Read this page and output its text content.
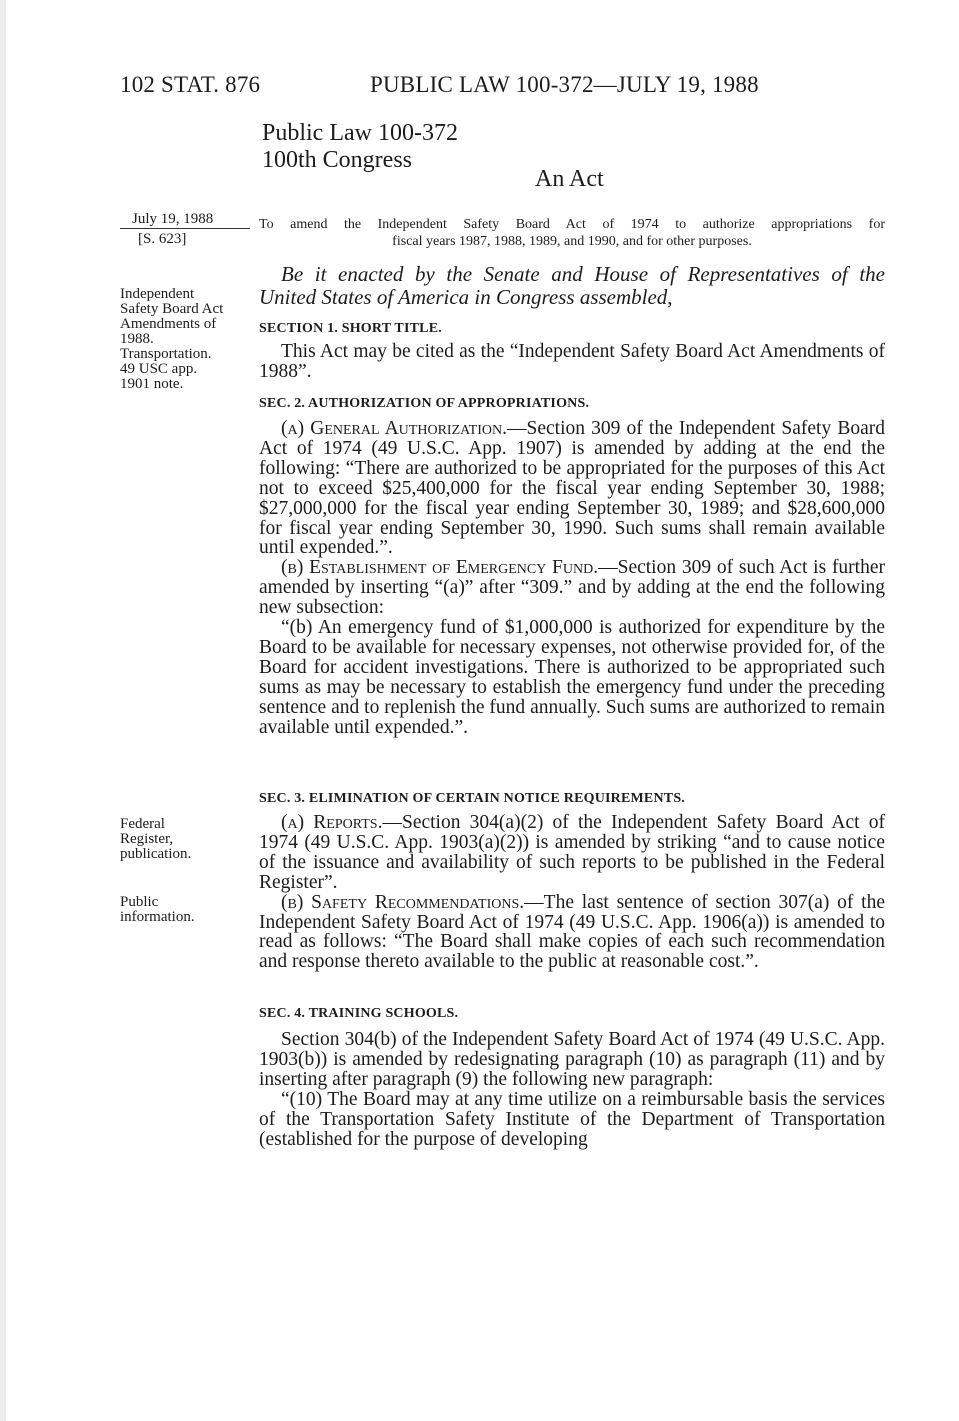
102 STAT. 876	PUBLIC LAW 100-372—JULY 19, 1988
Public Law 100-372
100th Congress
An Act
July 19, 1988
[S. 623]
Independent
Safety Board Act
Amendments of
1988.
Transportation.
49 USC app.
1901 note.
Federal
Register,
publication.
Public
information.
To amend the Independent Safety Board Act of 1974 to authorize appropriations for
fiscal years 1987, 1988, 1989, and 1990, and for other purposes.
Be it enacted by the Senate and House of Representatives of the
United States of America in Congress assembled,
SECTION 1. SHORT TITLE.

This Act may be cited as the “Independent Safety Board Act Amendments of 1988”.

SEC. 2. AUTHORIZATION OF APPROPRIATIONS.

(a) General Authorization.—Section 309 of the Independent Safety Board Act of 1974 (49 U.S.C. App. 1907) is amended by adding at the end the following: “There are authorized to be appropriated for the purposes of this Act not to exceed $25,400,000 for the fiscal year ending September 30, 1988; $27,000,000 for the fiscal year ending September 30, 1989; and $28,600,000 for fiscal year ending September 30, 1990. Such sums shall remain available until expended.”.

(b) Establishment of Emergency Fund.—Section 309 of such Act is further amended by inserting “(a)” after “309.” and by adding at the end the following new subsection:

“(b) An emergency fund of $1,000,000 is authorized for expenditure by the Board to be available for necessary expenses, not otherwise provided for, of the Board for accident investigations. There is authorized to be appropriated such sums as may be necessary to establish the emergency fund under the preceding sentence and to replenish the fund annually. Such sums are authorized to remain available until expended.”.

SEC. 3. ELIMINATION OF CERTAIN NOTICE REQUIREMENTS.

(a) Reports.—Section 304(a)(2) of the Independent Safety Board Act of 1974 (49 U.S.C. App. 1903(a)(2)) is amended by striking “and to cause notice of the issuance and availability of such reports to be published in the Federal Register”.

(b) Safety Recommendations.—The last sentence of section 307(a) of the Independent Safety Board Act of 1974 (49 U.S.C. App. 1906(a)) is amended to read as follows: “The Board shall make copies of each such recommendation and response thereto available to the public at reasonable cost.”.

SEC. 4. TRAINING SCHOOLS.

Section 304(b) of the Independent Safety Board Act of 1974 (49 U.S.C. App. 1903(b)) is amended by redesignating paragraph (10) as paragraph (11) and by inserting after paragraph (9) the following new paragraph:

“(10) The Board may at any time utilize on a reimbursable basis the services of the Transportation Safety Institute of the Department of Transportation (established for the purpose of developing
